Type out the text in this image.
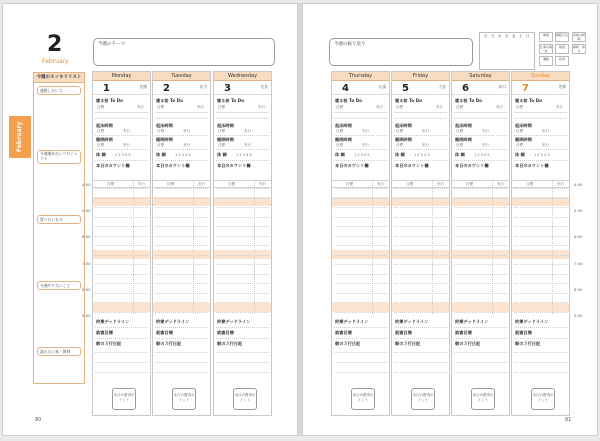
2
February
February
今週のスッキリリスト
連絡したい人
今週進めたいプロジェクト
買いたいもの
今週やりたいこと
読みたい本・資料
今週のテーマ
Monday
1	先勝
寝る前 To Do
目標	実行
起床時間
目標	実行
睡眠時間
目標	実行
体 調	1 2 3 4 5
本日のカウント欄
目標	実行
終業デッドライン
就寝目標
朝の３行日記
本日の獲得ポイント
Tuesday
2	友引
寝る前 To Do
目標	実行
起床時間
目標	実行
睡眠時間
目標	実行
体 調	1 2 3 4 5
本日のカウント欄
目標	実行
終業デッドライン
就寝目標
朝の３行日記
本日の獲得ポイント
Wednesday
3	先負
寝る前 To Do
目標	実行
起床時間
目標	実行
睡眠時間
目標	実行
体 調	1 2 3 4 5
本日のカウント欄
目標	実行
終業デッドライン
就寝目標
朝の３行日記
本日の獲得ポイント
4:00
5:00
6:00
7:00
8:00
9:00
80
今週の振り返り
月 火 水 木 金 土 日	健康	睡眠不足
仕事の進捗
勉強
運動	読書
家族の時間
趣味・休日
Thursday
4	仏滅
寝る前 To Do
目標	実行
起床時間
目標	実行
睡眠時間
目標	実行
体 調	1 2 3 4 5
本日のカウント欄
目標	実行
終業デッドライン
就寝目標
朝の３行日記
本日の獲得ポイント
Friday
5	大安
寝る前 To Do
目標	実行
起床時間
目標	実行
睡眠時間
目標	実行
体 調	1 2 3 4 5
本日のカウント欄
目標	実行
終業デッドライン
就寝目標
朝の３行日記
本日の獲得ポイント
Saturday
6	赤口
寝る前 To Do
目標	実行
起床時間
目標	実行
睡眠時間
目標	実行
体 調	1 2 3 4 5
本日のカウント欄
目標	実行
終業デッドライン
就寝目標
朝の３行日記
本日の獲得ポイント
Sunday
7	先勝
寝る前 To Do
目標	実行
起床時間
目標	実行
睡眠時間
目標	実行
体 調	1 2 3 4 5
本日のカウント欄
目標	実行
終業デッドライン
就寝目標
朝の３行日記
本日の獲得ポイント
4:00
5:00
6:00
7:00
8:00
9:00
81
